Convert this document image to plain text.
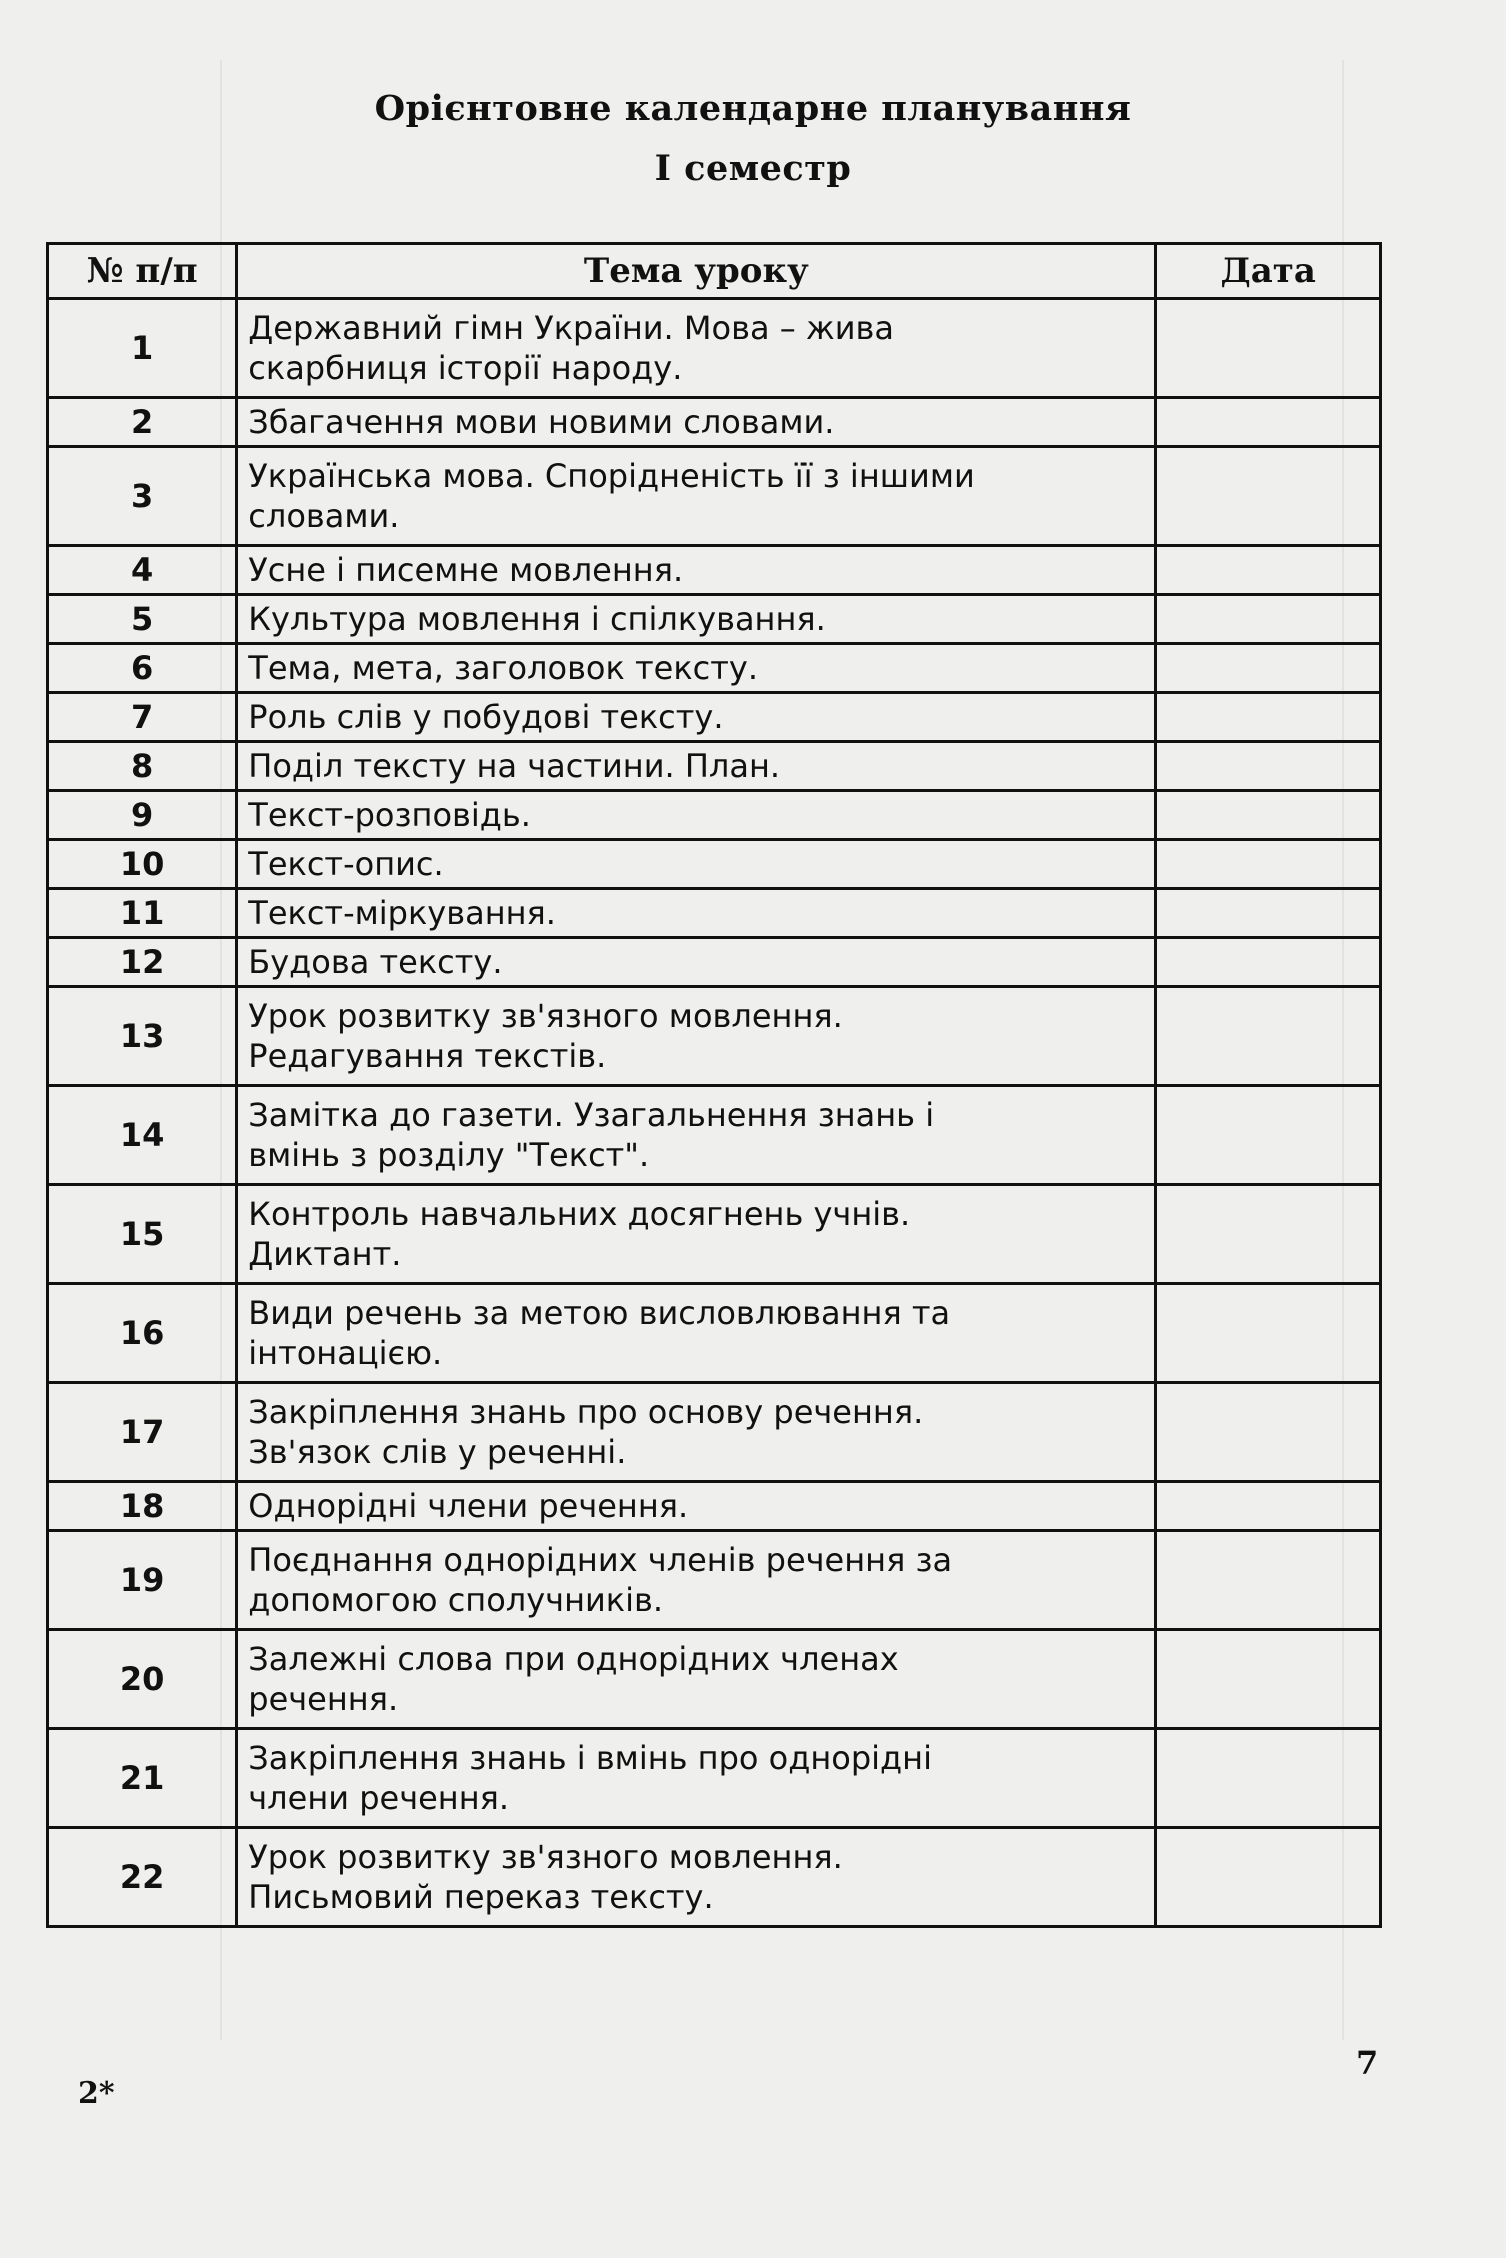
Орієнтовне календарне планування
I семестр
№ п/п	Тема уроку	Дата
1	Державний гімн України. Мова – жива
скарбниця історії народу.	

2	Збагачення мови новими словами.	

3	Українська мова. Спорідненість її з іншими
словами.	

4	Усне і писемне мовлення.	

5	Культура мовлення і спілкування.	

6	Тема, мета, заголовок тексту.	

7	Роль слів у побудові тексту.	

8	Поділ тексту на частини. План.	

9	Текст-розповідь.	

10	Текст-опис.	

11	Текст-міркування.	

12	Будова тексту.	

13	Урок розвитку зв'язного мовлення.
Редагування текстів.	

14	Замітка до газети. Узагальнення знань і
вмінь з розділу "Текст".	

15	Контроль навчальних досягнень учнів.
Диктант.	

16	Види речень за метою висловлювання та
інтонацією.	

17	Закріплення знань про основу речення.
Зв'язок слів у реченні.	

18	Однорідні члени речення.	

19	Поєднання однорідних членів речення за
допомогою сполучників.	

20	Залежні слова при однорідних членах
речення.	

21	Закріплення знань і вмінь про однорідні
члени речення.	

22	Урок розвитку зв'язного мовлення.
Письмовий переказ тексту.	

2*
7
